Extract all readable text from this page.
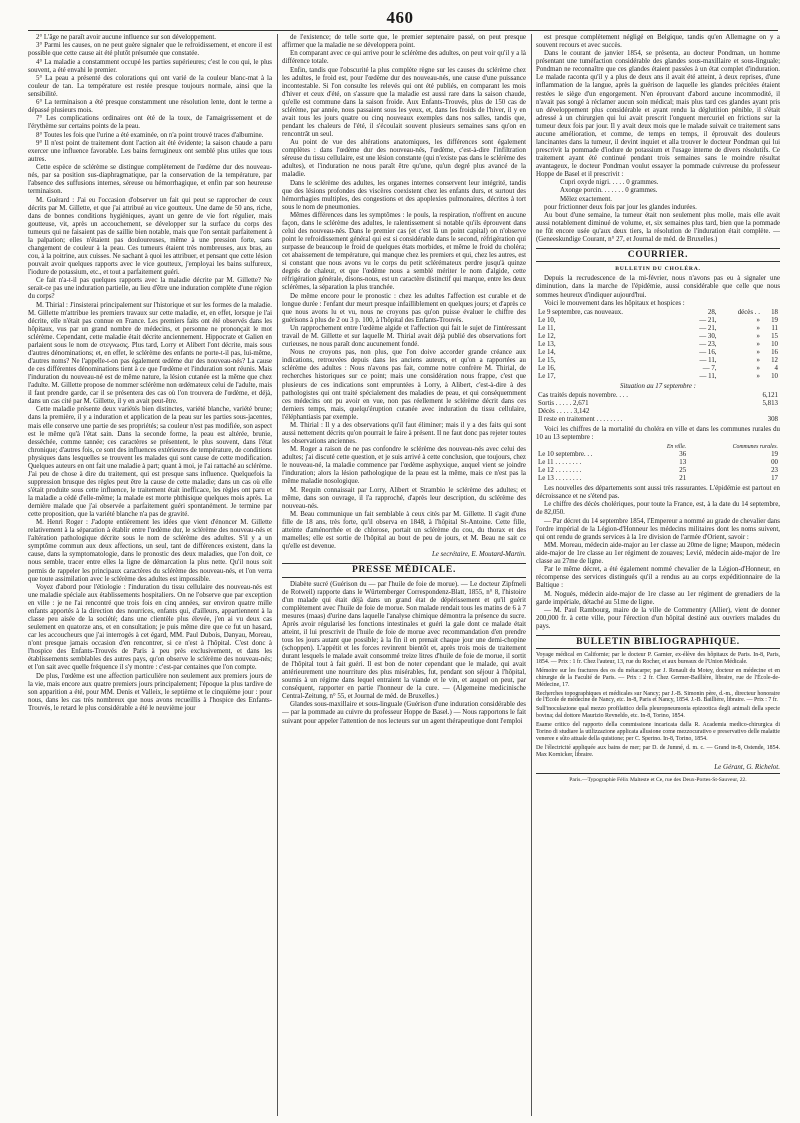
460

2° L'âge ne paraît avoir aucune influence sur son développement.

3° Parmi les causes, on ne peut guère signaler que le refroidissement, et encore il est possible que cette cause ait été plutôt présumée que constatée.

4° La maladie a constamment occupé les parties supérieures; c'est le cou qui, le plus souvent, a été envahi le premier.

5° La peau a présenté des colorations qui ont varié de la couleur blanc-mat à la couleur de tan. La température est restée presque toujours normale, ainsi que la sensibilité.

6° La terminaison a été presque constamment une résolution lente, dont le terme a dépassé plusieurs mois.

7° Les complications ordinaires ont été de la toux, de l'amaigrissement et de l'érythème sur certains points de la peau.

8° Toutes les fois que l'urine a été examinée, on n'a point trouvé traces d'albumine.

9° Il n'est point de traitement dont l'action ait été évidente; la saison chaude a paru exercer une influence favorable. Les bains ferrugineux ont semblé plus utiles que tous autres.

Cette espèce de sclérème se distingue complètement de l'œdème dur des nouveau-nés, par sa position sus-diaphragmatique, par la conservation de la température, par l'absence des suffusions internes, séreuse ou hémorrhagique, et enfin par son heureuse terminaison.

M. Guérard : J'ai eu l'occasion d'observer un fait qui peut se rapprocher de ceux décrits par M. Gillette, et que j'ai attribué au vice goutteux. Une dame de 50 ans, riche, dans de bonnes conditions hygiéniques, ayant un genre de vie fort régulier, mais goutteuse, vit, après un accouchement, se développer sur la surface du corps des tumeurs qui ne faisaient pas de saillie bien notable, mais que l'on sentait parfaitement à la palpation; elles n'étaient pas douloureuses, même à une pression forte, sans changement de couleur à la peau. Ces tumeurs étaient très nombreuses, aux bras, au cou, à la poitrine, aux cuisses. Ne sachant à quoi les attribuer, et pensant que cette lésion pouvait avoir quelques rapports avec le vice goutteux, j'employai les bains sulfureux, l'iodure de potassium, etc., et tout a parfaitement guéri.

Ce fait n'a-t-il pas quelques rapports avec la maladie décrite par M. Gillette? Ne serait-ce pas une induration partielle, au lieu d'être une induration complète d'une région du corps?

M. Thirial : J'insisterai principalement sur l'historique et sur les formes de la maladie. M. Gillette m'attribue les premiers travaux sur cette maladie, et, en effet, lorsque je l'ai décrite, elle n'était pas connue en France. Les premiers faits ont été observés dans les hôpitaux, vus par un grand nombre de médecins, et personne ne prononçait le mot sclérème. Cependant, cette maladie était décrite anciennement. Hippocrate et Galien en parlaient sous le nom de στεγνωσις. Plus tard, Lorry et Alibert l'ont décrite, mais sous d'autres dénominations; et, en effet, le sclérème des enfants ne porte-t-il pas, lui-même, d'autres noms? Ne l'appelle-t-on pas également œdème dur des nouveau-nés? La cause de ces différentes dénominations tient à ce que l'œdème et l'induration sont réunis. Mais l'induration du nouveau-né est de même nature, la lésion cutanée est la même que chez l'adulte. M. Gillette propose de nommer sclérème non œdémateux celui de l'adulte, mais il faut prendre garde, car il se présentera des cas où l'on trouvera de l'œdème, et déjà, dans un cas cité par M. Gillette, il y en avait peut-être.

Cette maladie présente deux variétés bien distinctes, variété blanche, variété brune; dans la première, il y a induration et application de la peau sur les parties sous-jacentes, mais elle conserve une partie de ses propriétés; sa couleur n'est pas modifiée, son aspect est le même qu'à l'état sain. Dans la seconde forme, la peau est altérée, brunie, desséchée, comme tannée; ces caractères se présentent, le plus souvent, dans l'état chronique; d'autres fois, ce sont des influences extérieures de température, de conditions physiques dans lesquelles se trouvent les malades qui sont cause de cette modification. Quelques auteurs en ont fait une maladie à part; quant à moi, je l'ai rattaché au sclérème. J'ai peu de chose à dire du traitement, qui est presque sans influence. Quelquefois la suppression brusque des règles peut être la cause de cette maladie; dans un cas où elle s'était produite sous cette influence, le traitement était inefficace, les règles ont paru et la maladie a cédé d'elle-même; la malade est morte phthisique quelques mois après. La dernière malade que j'ai observée a parfaitement guéri spontanément. Je termine par cette proposition, que la variété blanche n'a pas de gravité.

M. Henri Roger : J'adopte entièrement les idées que vient d'énoncer M. Gillette relativement à la séparation à établir entre l'œdème dur, le sclérème des nouveau-nés et l'altération pathologique décrite sous le nom de sclérème des adultes. S'il y a un symptôme commun aux deux affections, un seul, tant de différences existent, dans la cause, dans la symptomatologie, dans le pronostic des deux maladies, que l'on doit, ce nous semble, tracer entre elles la ligne de démarcation la plus nette. Qu'il nous soit permis de rappeler les principaux caractères du sclérème des nouveau-nés, et l'on verra que toute assimilation avec le sclérème des adultes est impossible.

Voyez d'abord pour l'étiologie : l'induration du tissu cellulaire des nouveau-nés est une maladie spéciale aux établissements hospitaliers. On ne l'observe que par exception en ville : je ne l'ai rencontré que trois fois en cinq années, sur environ quatre mille enfants apportés à la direction des nourrices, enfants qui, d'ailleurs, appartiennent à la classe peu aisée de la société; dans une clientèle plus élevée, j'en ai vu deux cas seulement en quatorze ans, et en consultation; je puis même dire que ce fut un hasard, car les accoucheurs que j'ai interrogés à cet égard, MM. Paul Dubois, Danyau, Moreau, n'ont presque jamais occasion d'en rencontrer, si ce n'est à l'hôpital. C'est donc à l'hospice des Enfants-Trouvés de Paris à peu près exclusivement, et dans les établissements semblables des autres pays, qu'on observe le sclérème des nouveau-nés; et l'on sait avec quelle fréquence il s'y montre : c'est-par centaines que l'on compte.

De plus, l'œdème est une affection particulière non seulement aux premiers jours de la vie, mais encore aux quatre premiers jours principalement; l'époque la plus tardive de son apparition a été, pour MM. Denis et Valleix, le septième et le cinquième jour : pour nous, dans les cas très nombreux que nous avons recueillis à l'hospice des Enfants-Trouvés, le retard le plus considérable a été le neuvième jour

de l'existence; de telle sorte que, le premier septenaire passé, on peut presque affirmer que la maladie ne se développera point.

En comparant avec ce qui arrive pour le sclérème des adultes, on peut voir qu'il y a là différence totale.

Enfin, tandis que l'obscurité la plus complète règne sur les causes du sclérème chez les adultes, le froid est, pour l'œdème dur des nouveau-nés, une cause d'une puissance incontestable. Si l'on consulte les relevés qui ont été publiés, en comparant les mois d'hiver et ceux d'été, on s'assure que la maladie est aussi rare dans la saison chaude, qu'elle est commune dans la saison froide. Aux Enfants-Trouvés, plus de 150 cas de sclérème, par année, nous passaient sous les yeux, et, dans les froids de l'hiver, il y en avait tous les jours quatre ou cinq nouveaux exemples dans nos salles, tandis que, pendant les chaleurs de l'été, il s'écoulait souvent plusieurs semaines sans qu'on en rencontrât un seul.

Au point de vue des altérations anatomiques, les différences sont également complètes : dans l'œdème dur des nouveau-nés, l'œdème, c'est-à-dire l'infiltration séreuse du tissu cellulaire, est une lésion constante (qui n'existe pas dans le sclérème des adultes), et l'induration ne nous paraît être qu'une, qu'un degré plus avancé de la maladie.

Dans le sclérème des adultes, les organes internes conservent leur intégrité, tandis que des lésions profondes des viscères coexistent chez les enfants durs, et surtout des hémorrhagies multiples, des congestions et des apoplexies pulmonaires, décrites à tort sous le nom de pneumonies.

Mêmes différences dans les symptômes : le pouls, la respiration, n'offrent en aucune façon, dans le sclérème des adultes, le ralentissement si notable qu'ils éprouvent dans celui des nouveau-nés. Dans le premier cas (et c'est là un point capital) on n'observe point le refroidissement général qui est si considérable dans le second, réfrigération qui surpasse de beaucoup le froid de quelques états morbides, et même le froid du choléra; cet abaissement de température, qui manque chez les premiers et qui, chez les autres, est si constant que nous avons vu le corps du petit sclérémateux perdre jusqu'à quinze degrés de chaleur, et que l'œdème nous a semblé mériter le nom d'algide, cette réfrigération générale, disons-nous, est un caractère distinctif qui marque, entre les deux sclérèmes, la séparation la plus tranchée.

De même encore pour le pronostic : chez les adultes l'affection est curable et de longue durée : l'enfant dur meurt presque infailliblement en quelques jours; et d'après ce que nous avons lu et vu, nous ne croyons pas qu'on puisse évaluer le chiffre des guérisons à plus de 2 ou 3 p. 100, à l'hôpital des Enfants-Trouvés.

Un rapprochement entre l'œdème algide et l'affection qui fait le sujet de l'intéressant travail de M. Gillette et sur laquelle M. Thirial avait déjà publié des observations fort curieuses, ne nous paraît donc aucunement fondé.

Nous ne croyons pas, non plus, que l'on doive accorder grande créance aux indications, retrouvées depuis dans les anciens auteurs, et qu'on a rapportées au sclérème des adultes : Nous n'avons pas fait, comme notre confrère M. Thirial, de recherches historiques sur ce point; mais une considération nous frappe, c'est que plusieurs de ces indications sont empruntées à Lorry, à Alibert, c'est-à-dire à des pathologistes qui ont traité spécialement des maladies de peau, et qui conséquemment ces médecins ont pu avoir en vue, non pas réellement le sclérème décrit dans ces derniers temps, mais, quelqu'éruption cutanée avec induration du tissu cellulaire, l'éléphantiasis par exemple.

M. Thirial : Il y a des observations qu'il faut éliminer; mais il y a des faits qui sont aussi nettement décrits qu'on pourrait le faire à présent. Il ne faut donc pas rejeter toutes les observations anciennes.

M. Roger a raison de ne pas confondre le sclérème des nouveau-nés avec celui des adultes; j'ai discuté cette question, et je suis arrivé à cette conclusion, que toujours, chez le nouveau-né, la maladie commence par l'œdème asphyxique, auquel vient se joindre l'induration; alors la lésion pathologique de la peau est la même, mais ce n'est pas la même maladie nosologique.

M. Requin connaissait par Lorry, Alibert et Strambio le sclérème des adultes; et même, dans son ouvrage, il l'a rapproché, d'après leur description, du sclérème des nouveau-nés.

M. Beau communique un fait semblable à ceux cités par M. Gillette. Il s'agit d'une fille de 18 ans, très forte, qu'il observa en 1848, à l'hôpital St-Antoine. Cette fille, atteinte d'aménorrhée et de chlorose, portait un sclérème du cou, du thorax et des mamelles; elle est sortie de l'hôpital au bout de peu de jours, et M. Beau ne sait ce qu'elle est devenue.

Le secrétaire, E. Moutard-Martin.

PRESSE MÉDICALE.

Diabète sucré (Guérison du — par l'huile de foie de morue). — Le docteur Zipfmeli de Rotweil) rapporte dans le Würtemberger Correspondenz-Blatt, 1855, n° 8, l'histoire d'un malade qui était déjà dans un grand état de dépérissement et qu'il guérit complètement avec l'huile de foie de morue. Son malade rendait tous les matins de 6 à 7 mesures (maas) d'urine dans laquelle l'analyse chimique démontra la présence du sucre. Après avoir régularisé les fonctions intestinales et guéri la gale dont ce malade était atteint, il lui prescrivit de l'huile de foie de morue avec recommandation d'en prendre tous les jours autant que possible; à la fin il en prenait chaque jour une demi-chopine (schoppen). L'appétit et les forces revinrent bientôt et, après trois mois de traitement durant lesquels le malade avait consommé treize litres d'huile de foie de morue, il sortit de l'hôpital tout à fait guéri. Il est bon de noter cependant que le malade, qui avait antérieurement une nourriture des plus misérables, fut, pendant son séjour à l'hôpital, soumis à un régime dans lequel entraient la viande et le vin, et auquel on peut, par conséquent, rapporter en partie l'honneur de la cure. — (Algemeine medicinische Central-Zeitung, n° 55, et Journal de méd. de Bruxelles.)

Glandes sous-maxillaire et sous-linguale (Guérison d'une induration considérable des — par la pommade au cuivre du professeur Hoppe de Basel.) — Nous rapportons le fait suivant pour appeler l'attention de nos lecteurs sur un agent thérapeutique dont l'emploi

est presque complètement négligé en Belgique, tandis qu'en Allemagne on y a souvent recours et avec succès.

Dans le courant de janvier 1854, se présenta, au docteur Pondman, un homme présentant une tuméfaction considérable des glandes sous-maxillaire et sous-linguale; Pondman ne reconnaître que ces glandes étaient passées à un état complet d'induration. Le malade raconta qu'il y a plus de deux ans il avait été atteint, à deux reprises, d'une inflammation de la langue, après la guérison de laquelle les glandes précitées étaient restées le siège d'un engorgement. N'en éprouvant d'abord aucune incommodité, il n'avait pas songé à réclamer aucun soin médical; mais plus tard ces glandes ayant pris un développement plus considérable et ayant rendu la déglutition pénible, il s'était adressé à un chirurgien qui lui avait prescrit l'onguent mercuriel en frictions sur la tumeur deux fois par jour. Il y avait deux mois que le malade suivait ce traitement sans aucune amélioration, et comme, de temps en temps, il éprouvait des douleurs lancinantes dans la tumeur, il devint inquiet et alla trouver le docteur Pondman qui lui prescrivit la pommade d'iodure de potassium et l'usage interne de divers résolutifs. Ce traitement ayant été continué pendant trois semaines sans le moindre résultat avantageux, le docteur Pondman voulut essayer la pommade cuivreuse du professeur Hoppe de Basel et il prescrivit :

Cupri oxyde nigri. . . . . 0 grammes.

Axonge porcin. . . . . . . 0 grammes.

Mêlez exactement.

pour frictionner deux fois par jour les glandes indurées.

Au bout d'une semaine, la tumeur était non seulement plus molle, mais elle avait aussi notablement diminué de volume, et, six semaines plus tard, bien que la pommade ne fût encore usée qu'aux deux tiers, la résolution de l'induration était complète. — (Geneeskundige Courant, n° 27, et Journal de méd. de Bruxelles.)

COURRIER.
BULLETIN DU CHOLÉRA.

Depuis la recrudescence de la mi-février, nous n'avons pas eu à signaler une diminution, dans la marche de l'épidémie, aussi considérable que celle que nous sommes heureux d'indiquer aujourd'hui.

Voici le mouvement dans les hôpitaux et hospices :

Le 9 septembre, cas nouveaux.	28,	décès . .	18
Le 10,	— 21,	»	19
Le 11,	— 21,	»	11
Le 12,	— 30,	»	15
Le 13,	— 23,	»	10
Le 14,	— 16,	»	16
Le 15,	— 11,	»	12
Le 16,	— 7,	»	4
Le 17,	— 11,	»	10

Situation au 17 septembre :

Cas traités depuis novembre. . . .	6,121
Sortis . . . . . 2,671	5,813
Décès . . . . . 3,142	
Il reste en traitement . . . . . . . .	308

Voici les chiffres de la mortalité du choléra en ville et dans les communes rurales du 10 au 13 septembre :

	En ville.	Communes rurales.
Le 10 septembre. . .	36	19
Le 11 . . . . . . . .	13	00
Le 12 . . . . . . . .	25	23
Le 13 . . . . . . . .	21	17

Les nouvelles des départements sont aussi très rassurantes. L'épidémie est partout en décroissance et ne s'étend pas.

Le chiffre des décès cholériques, pour toute la France, est, à la date du 14 septembre, de 82,050.

— Par décret du 14 septembre 1854, l'Empereur a nommé au grade de chevalier dans l'ordre impérial de la Légion-d'Honneur les médecins militaires dont les noms suivent, qui ont rendu de grands services à la 1re division de l'armée d'Orient, savoir :

MM. Moreau, médecin aide-major au 1er classe au 20me de ligne; Maupon, médecin aide-major de 1re classe au 1er régiment de zouaves; Levié, médecin aide-major de 1re classe au 27me de ligne.

Par le même décret, a été également nommé chevalier de la Légion-d'Honneur, en récompense des services distingués qu'il a rendus au au corps expéditionnaire de la Baltique :

M. Nogués, médecin aide-major de 1re classe au 1er régiment de grenadiers de la garde impériale, détaché au 51me de ligne.

— M. Paul Rambourg, maire de la ville de Commentry (Allier), vient de donner 200,000 fr. à cette ville, pour l'érection d'un hôpital destiné aux ouvriers malades du pays.

BULLETIN BIBLIOGRAPHIQUE.

Voyage médical en Californie; par le docteur P. Garnier, ex-élève des hôpitaux de Paris. In-8, Paris, 1854. — Prix : 1 fr. Chez l'auteur, 13, rue du Rocher, et aux bureaux de l'Union Médicale.

Mémoire sur les fractures des os du métacarpe; par J. Renault du Motey, docteur en médecine et en chirurgie de la Faculté de Paris. — Prix : 2 fr. Chez Germer-Baillière, libraire, rue de l'École-de-Médecine, 17.

Recherches topographiques et médicales sur Nancy; par J.-B. Simonin père, d.-m., directeur honoraire de l'École de médecine de Nancy, etc. In-8, Paris et Nancy, 1854. J.-B. Baillière, libraire. — Prix : 7 fr.

Sull'inoculazione qual mezzo profilattico della pleuropneumonia epizootica degli animali della specie bovina; dal dottore Maurizio Revneldo, etc. In-8, Torino, 1854.

Esame critico del rapporto della commissione incaricata dalla R. Academia medico-chirurgica di Torino di studiare la utilizzazione applicata allusione come mezzocurativo e preservativo delle malattie veneree e sûto attuale della quistione; per C. Sperino. In-8, Torino, 1854.

De l'électricité appliquée aux bains de mer; par D. de Jumné, d. m. c. — Grand in-8, Ostende, 1854. Max Kornicker, libraire.

Le Gérant, G. Richelot.
Paris.—Typographie Félix Malteste et Ce, rue des Deux-Portes-St-Sauveur, 22.
